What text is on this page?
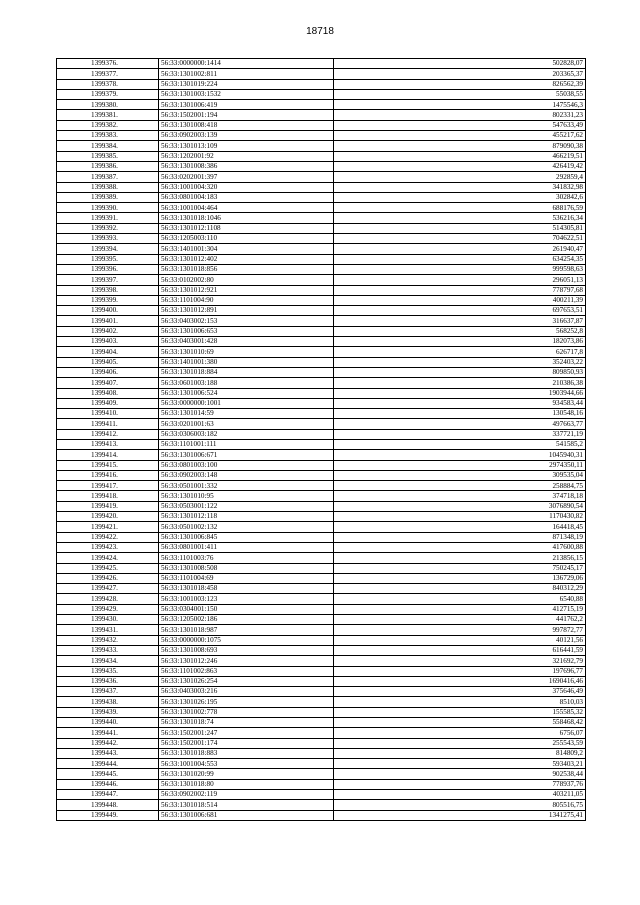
18718
1399376.	56:33:0000000:1414	502828,07
1399377.	56:33:1301002:811	203365,37
1399378.	56:33:1301019:224	826562,39
1399379.	56:33:1301003:1532	55038,55
1399380.	56:33:1301006:419	1475546,3
1399381.	56:33:1502001:194	802331,23
1399382.	56:33:1301008:418	547633,49
1399383.	56:33:0902003:139	455217,62
1399384.	56:33:1301013:109	879090,38
1399385.	56:33:1202001:92	466219,51
1399386.	56:33:1301008:386	426419,42
1399387.	56:33:0202001:397	292859,4
1399388.	56:33:1001004:320	341832,98
1399389.	56:33:0801004:183	302842,6
1399390.	56:33:1001004:464	688176,59
1399391.	56:33:1301018:1046	536216,34
1399392.	56:33:1301012:1108	514305,81
1399393.	56:33:1205003:110	704622,51
1399394.	56:33:1401001:304	261940,47
1399395.	56:33:1301012:402	634254,35
1399396.	56:33:1301018:856	999598,63
1399397.	56:33:0102002:80	296051,13
1399398.	56:33:1301012:921	778797,68
1399399.	56:33:1101004:90	400211,39
1399400.	56:33:1301012:891	697653,51
1399401.	56:33:0403002:153	316637,87
1399402.	56:33:1301006:653	568252,8
1399403.	56:33:0403001:428	182073,86
1399404.	56:33:1301010:69	626717,8
1399405.	56:33:1401001:380	352403,22
1399406.	56:33:1301018:884	809850,93
1399407.	56:33:0601003:188	210386,38
1399408.	56:33:1301006:524	1903944,66
1399409.	56:33:0000000:1001	934583,44
1399410.	56:33:1301014:59	130548,16
1399411.	56:33:0201001:63	497663,77
1399412.	56:33:0306003:182	337721,19
1399413.	56:33:1101001:111	541585,2
1399414.	56:33:1301006:671	1045940,31
1399415.	56:33:0801003:100	2974350,11
1399416.	56:33:0902003:148	309535,04
1399417.	56:33:0501001:332	258884,75
1399418.	56:33:1301010:95	374718,18
1399419.	56:33:0503001:122	3076890,54
1399420.	56:33:1301012:118	1170430,82
1399421.	56:33:0501002:132	164418,45
1399422.	56:33:1301006:845	871348,19
1399423.	56:33:0801001:411	417600,88
1399424.	56:33:1101003:76	213856,15
1399425.	56:33:1301008:508	750245,17
1399426.	56:33:1101004:69	136729,06
1399427.	56:33:1301018:458	840312,29
1399428.	56:33:1001003:123	6540,88
1399429.	56:33:0304001:150	412715,19
1399430.	56:33:1205002:186	441762,2
1399431.	56:33:1301018:987	997872,77
1399432.	56:33:0000000:1075	40121,56
1399433.	56:33:1301008:693	616441,59
1399434.	56:33:1301012:246	321692,79
1399435.	56:33:1101002:863	197696,77
1399436.	56:33:1301026:254	1690416,46
1399437.	56:33:0403003:216	375646,49
1399438.	56:33:1301026:195	8510,03
1399439.	56:33:1301002:778	155585,32
1399440.	56:33:1301018:74	558468,42
1399441.	56:33:1502001:247	6756,07
1399442.	56:33:1502001:174	255543,59
1399443.	56:33:1301018:883	814809,2
1399444.	56:33:1001004:553	593403,21
1399445.	56:33:1301020:99	902538,44
1399446.	56:33:1301018:80	778937,76
1399447.	56:33:0902002:119	403211,05
1399448.	56:33:1301018:514	805516,75
1399449.	56:33:1301006:681	1341275,41
